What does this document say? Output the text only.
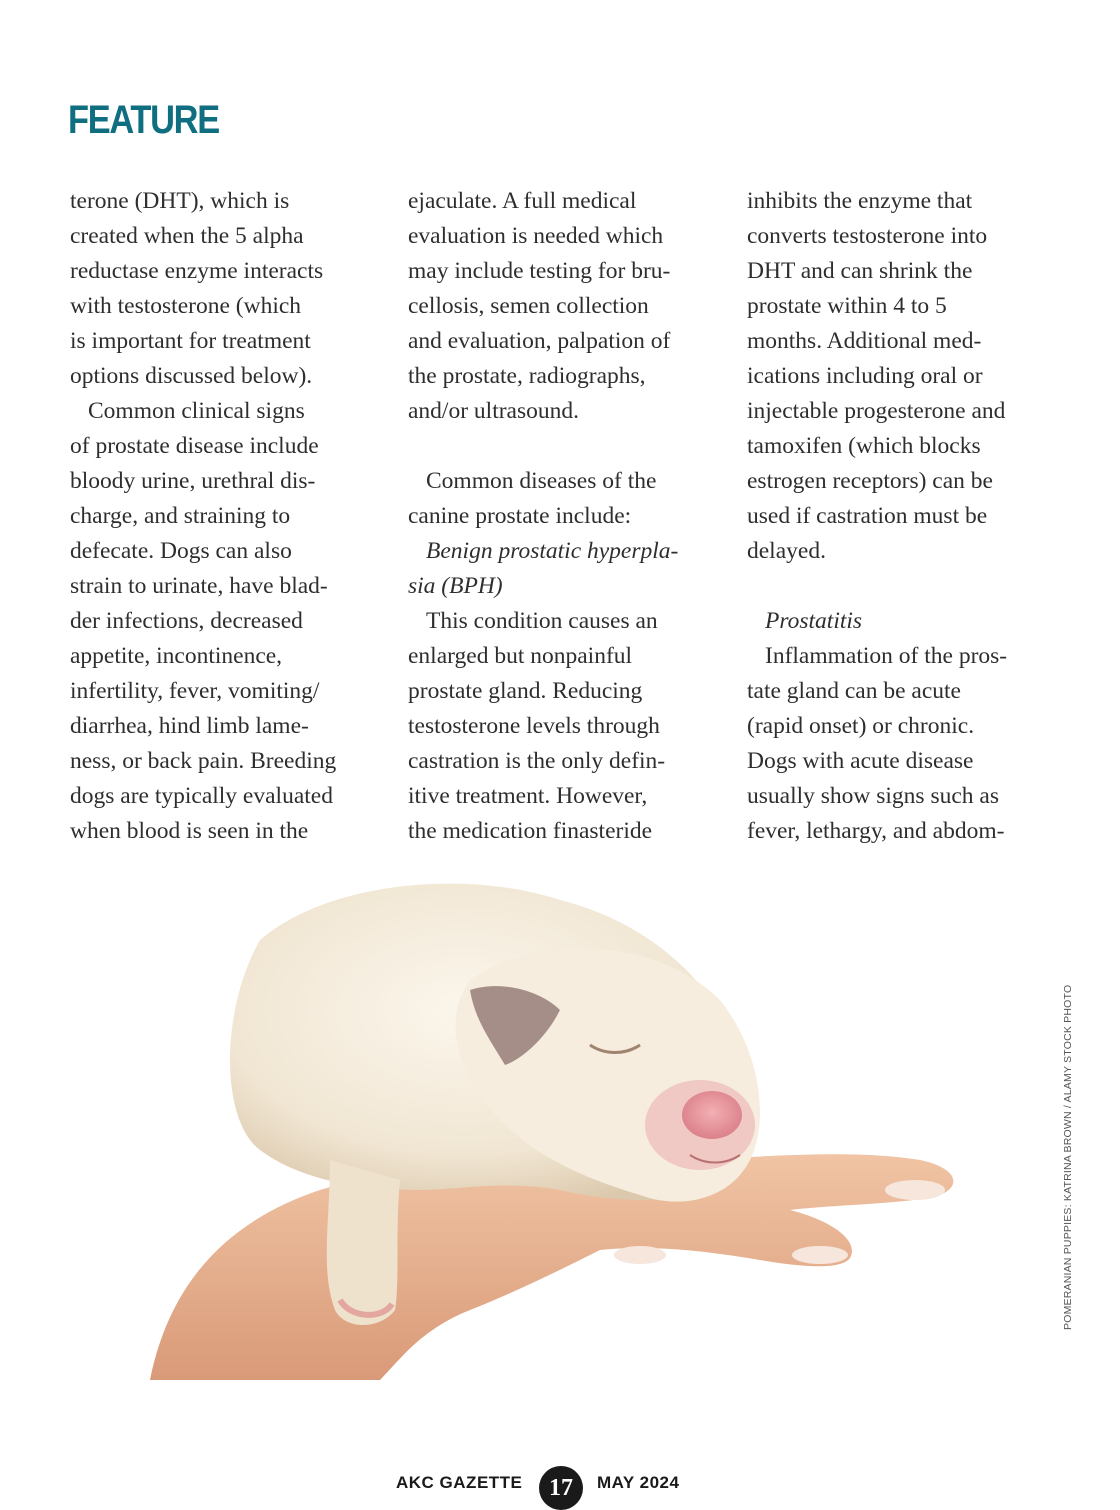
FEATURE

terone (DHT), which is

created when the 5 alpha

reductase enzyme interacts

with testosterone (which

is important for treatment

options discussed below).

Common clinical signs

of prostate disease include

bloody urine, urethral dis-

charge, and straining to

defecate. Dogs can also

strain to urinate, have blad-

der infections, decreased

appetite, incontinence,

infertility, fever, vomiting/

diarrhea, hind limb lame-

ness, or back pain. Breeding

dogs are typically evaluated

when blood is seen in the

ejaculate. A full medical

evaluation is needed which

may include testing for bru-

cellosis, semen collection

and evaluation, palpation of

the prostate, radiographs,

and/or ultrasound.

Common diseases of the

canine prostate include:

Benign prostatic hyperpla-

sia (BPH)

This condition causes an

enlarged but nonpainful

prostate gland. Reducing

testosterone levels through

castration is the only defin-

itive treatment. However,

the medication finasteride

inhibits the enzyme that

converts testosterone into

DHT and can shrink the

prostate within 4 to 5

months. Additional med-

ications including oral or

injectable progesterone and

tamoxifen (which blocks

estrogen receptors) can be

used if castration must be

delayed.

Prostatitis

Inflammation of the pros-

tate gland can be acute

(rapid onset) or chronic.

Dogs with acute disease

usually show signs such as

fever, lethargy, and abdom-

POMERANIAN PUPPIES: KATRINA BROWN / ALAMY STOCK PHOTO
AKC GAZETTE	17	MAY 2024
